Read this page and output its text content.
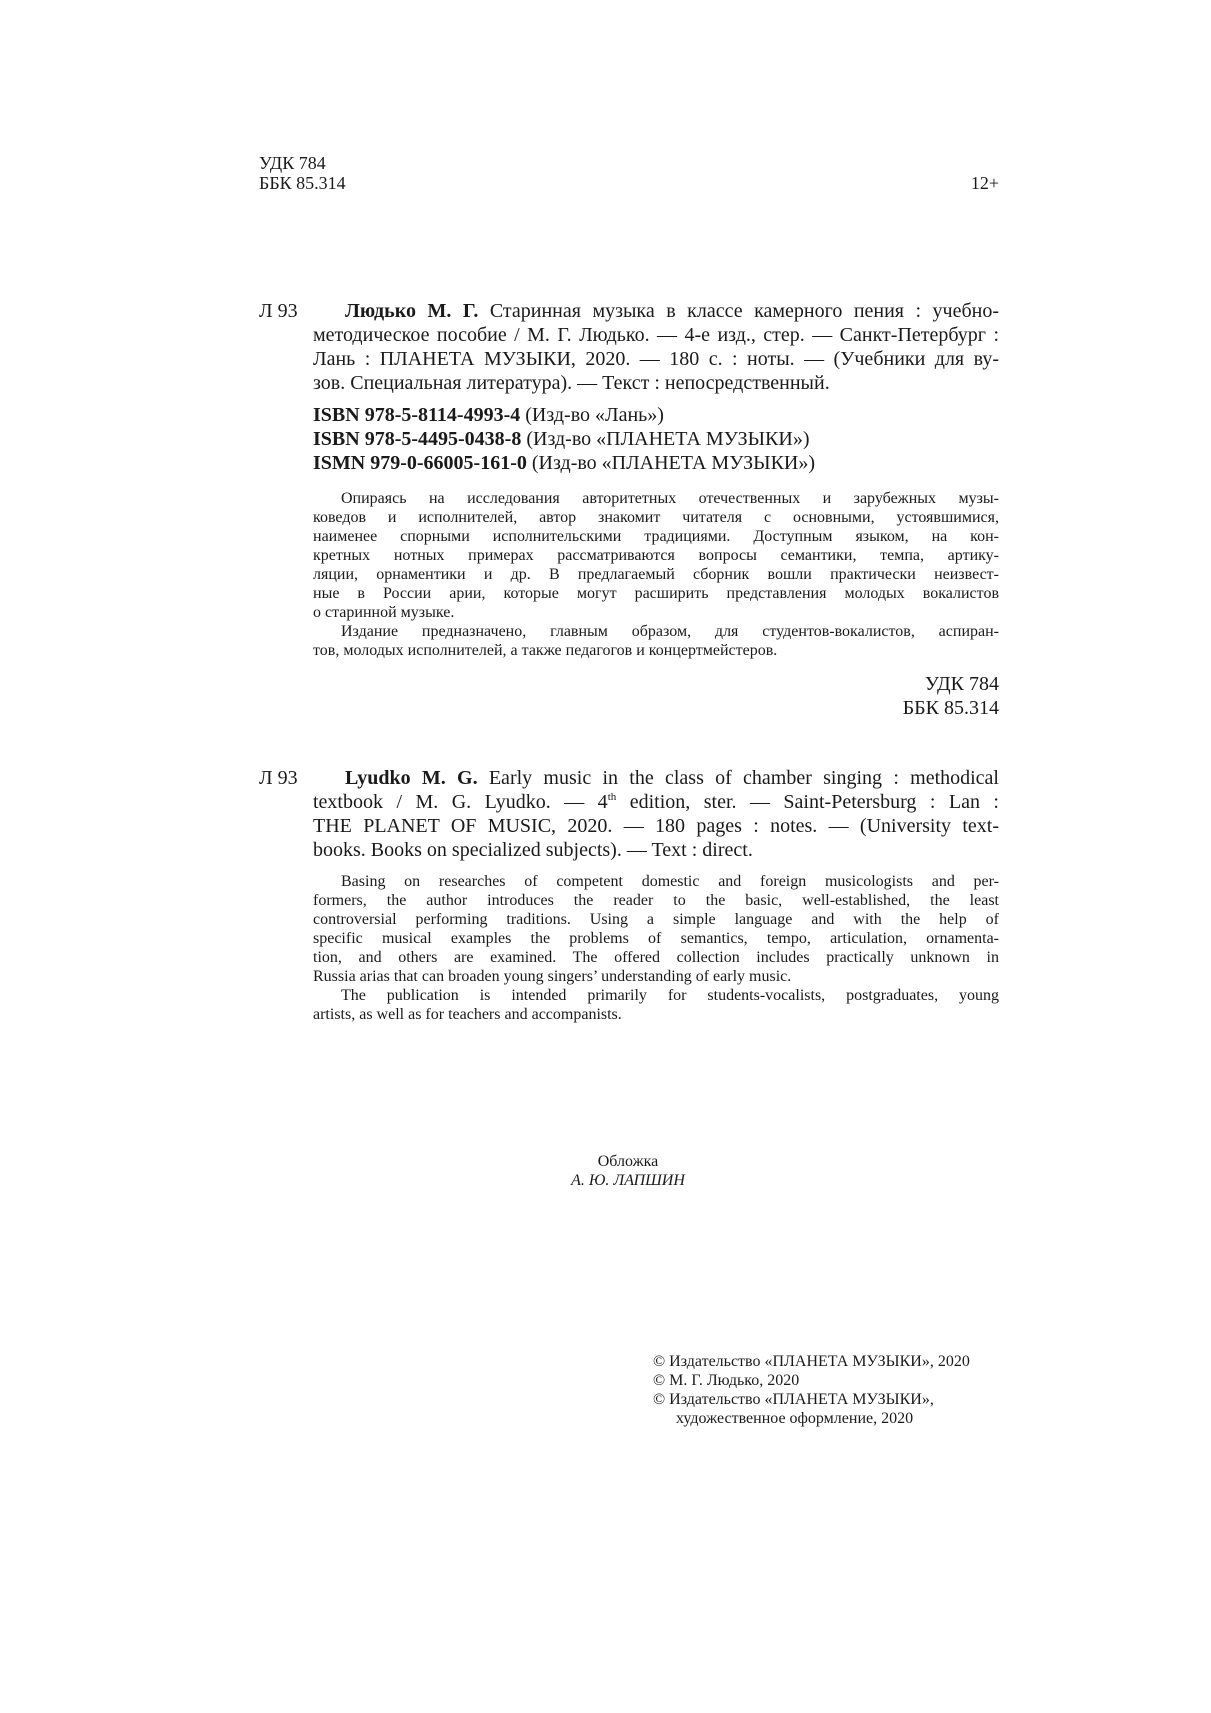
УДК 784
ББК 85.314	12+
Л 93	Людько М. Г. Старинная музыка в классе камерного пения : учебно-
методическое пособие / М. Г. Людько. — 4-е изд., стер. — Санкт-Петербург :
Лань : ПЛАНЕТА МУЗЫКИ, 2020. — 180 с. : ноты. — (Учебники для ву-
зов. Специальная литература). — Текст : непосредственный.
ISBN 978-5-8114-4993-4 (Изд-во «Лань»)
ISBN 978-5-4495-0438-8 (Изд-во «ПЛАНЕТА МУЗЫКИ»)
ISMN 979-0-66005-161-0 (Изд-во «ПЛАНЕТА МУЗЫКИ»)
Опираясь на исследования авторитетных отечественных и зарубежных музы-
коведов и исполнителей, автор знакомит читателя с основными, устоявшимися,
наименее спорными исполнительскими традициями. Доступным языком, на кон-
кретных нотных примерах рассматриваются вопросы семантики, темпа, артику-
ляции, орнаментики и др. В предлагаемый сборник вошли практически неизвест-
ные в России арии, которые могут расширить представления молодых вокалистов
о старинной музыке.
Издание предназначено, главным образом, для студентов-вокалистов, аспиран-
тов, молодых исполнителей, а также педагогов и концертмейстеров.
УДК 784
ББК 85.314
Л 93	Lyudko M. G. Early music in the class of chamber singing : methodical
textbook / M. G. Lyudko. — 4th edition, ster. — Saint-Petersburg : Lan :
THE PLANET OF MUSIC, 2020. — 180 pages : notes. — (University text-
books. Books on specialized subjects). — Text : direct.
Basing on researches of competent domestic and foreign musicologists and per-
formers, the author introduces the reader to the basic, well-established, the least
controversial performing traditions. Using a simple language and with the help of
specific musical examples the problems of semantics, tempo, articulation, ornamenta-
tion, and others are examined. The offered collection includes practically unknown in
Russia arias that can broaden young singers’ understanding of early music.
The publication is intended primarily for students-vocalists, postgraduates, young
artists, as well as for teachers and accompanists.
Обложка
А. Ю. ЛАПШИН
© Издательство «ПЛАНЕТА МУЗЫКИ», 2020
© М. Г. Людько, 2020
© Издательство «ПЛАНЕТА МУЗЫКИ»,
художественное оформление, 2020
